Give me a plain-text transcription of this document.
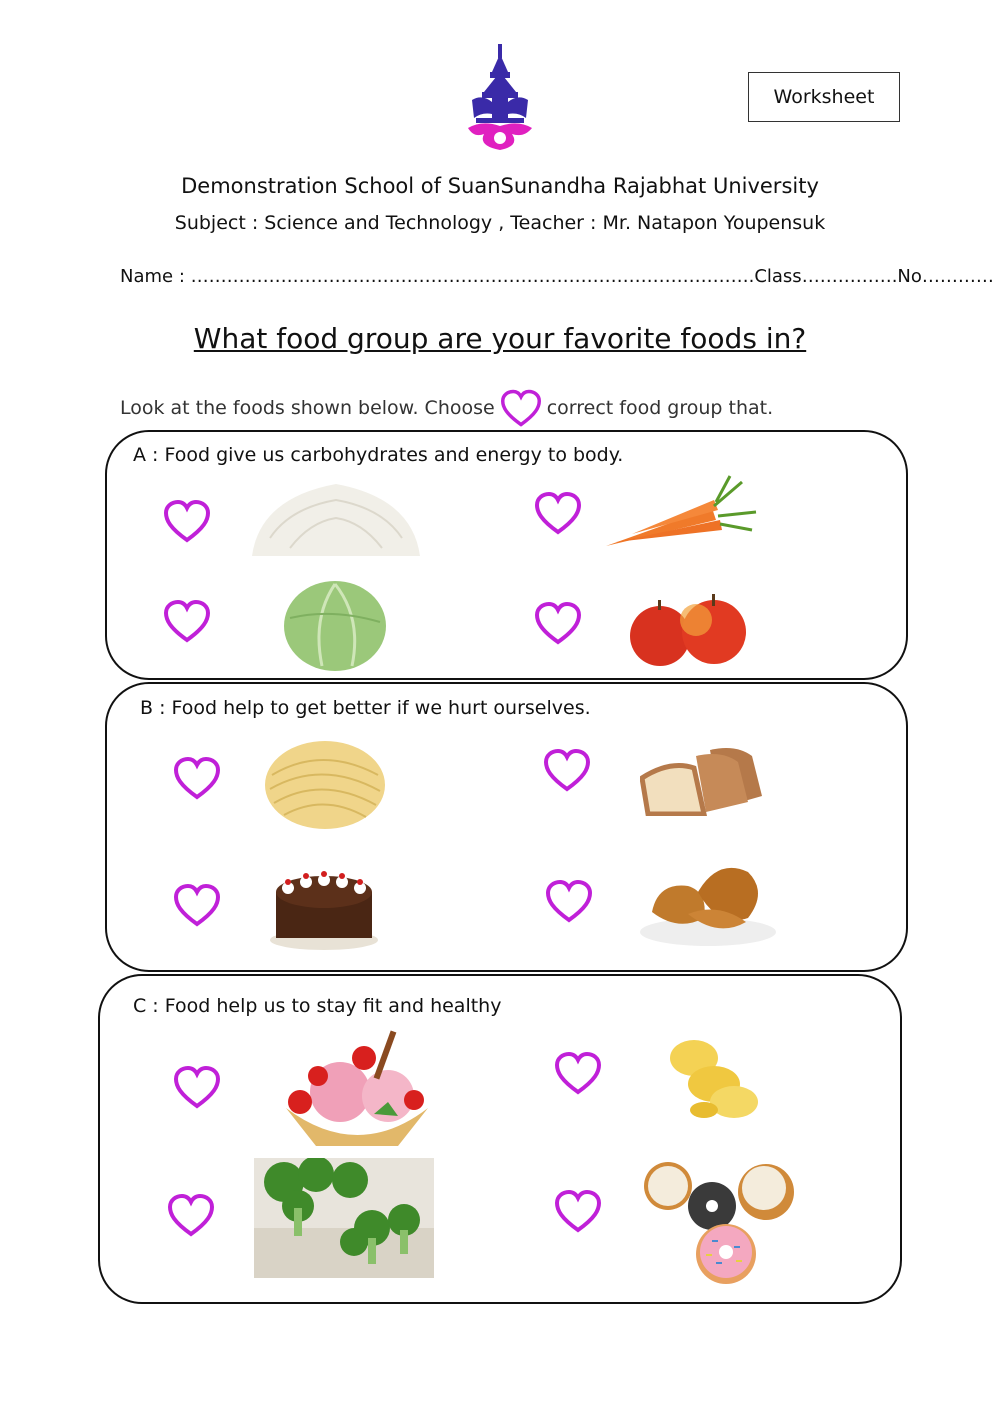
Worksheet
Demonstration School of SuanSunandha Rajabhat University
Subject : Science and Technology , Teacher : Mr. Natapon Youpensuk
Name : ………………………………………………………………………………….Class…………….No…………
What food group are your favorite foods in?
Look at the foods shown below. Choose	correct food group that.
A : Food give us carbohydrates and energy to body.
B : Food help to get better if we hurt ourselves.
C : Food help us to stay fit and healthy
